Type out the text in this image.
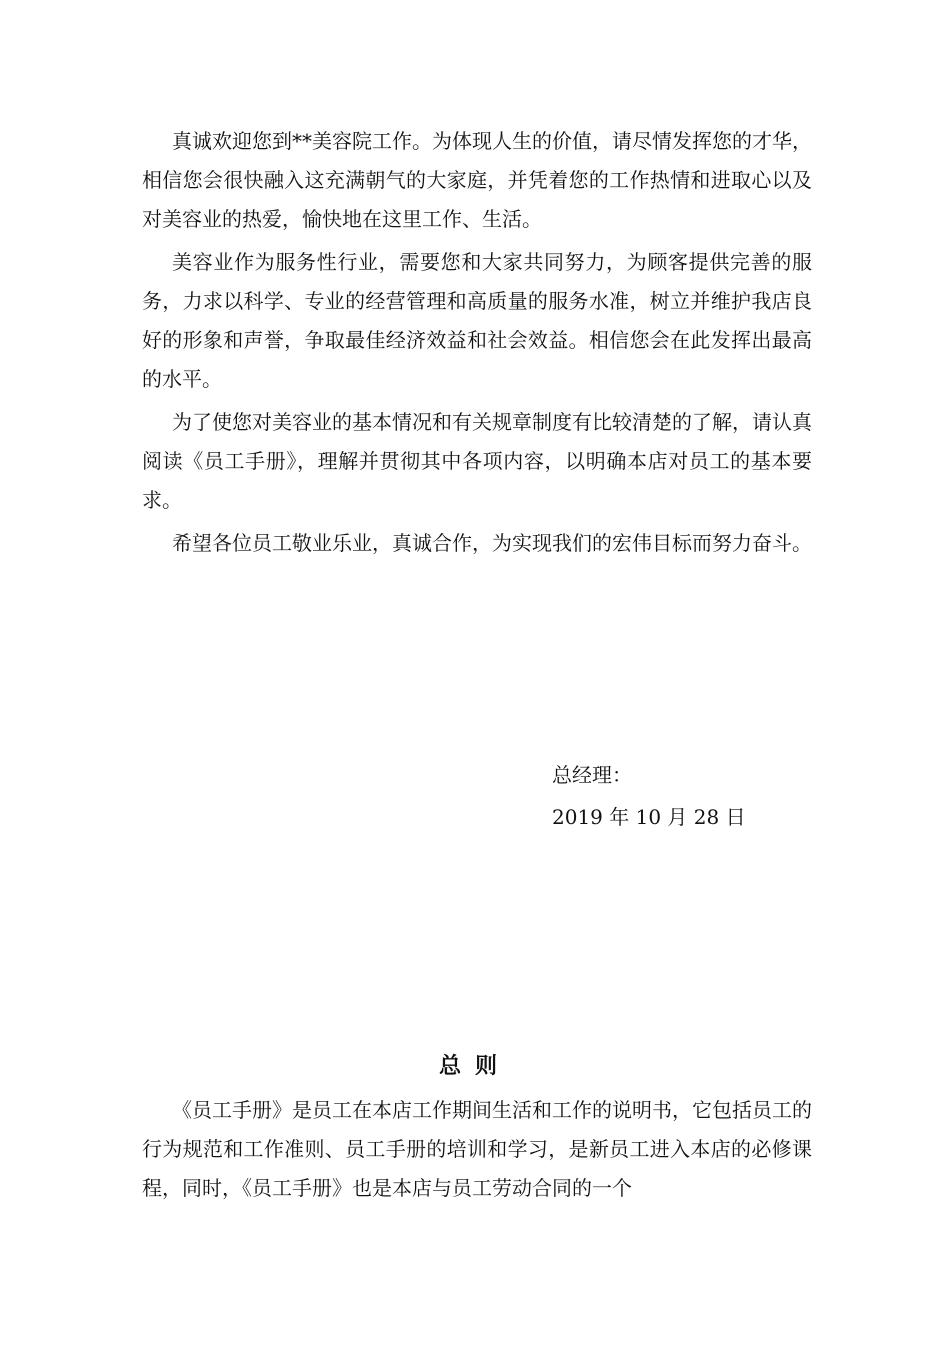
真诚欢迎您到**美容院工作。为体现人生的价值，请尽情发挥您的才华，相信您会很快融入这充满朝气的大家庭，并凭着您的工作热情和进取心以及对美容业的热爱，愉快地在这里工作、生活。

美容业作为服务性行业，需要您和大家共同努力，为顾客提供完善的服务，力求以科学、专业的经营管理和高质量的服务水准，树立并维护我店良好的形象和声誉，争取最佳经济效益和社会效益。相信您会在此发挥出最高的水平。

为了使您对美容业的基本情况和有关规章制度有比较清楚的了解，请认真阅读《员工手册》，理解并贯彻其中各项内容，以明确本店对员工的基本要求。

希望各位员工敬业乐业，真诚合作，为实现我们的宏伟目标而努力奋斗。

总经理：
2019 年 10 月 28 日
总则

《员工手册》是员工在本店工作期间生活和工作的说明书，它包括员工的行为规范和工作准则、员工手册的培训和学习，是新员工进入本店的必修课程，同时，《员工手册》也是本店与员工劳动合同的一个
